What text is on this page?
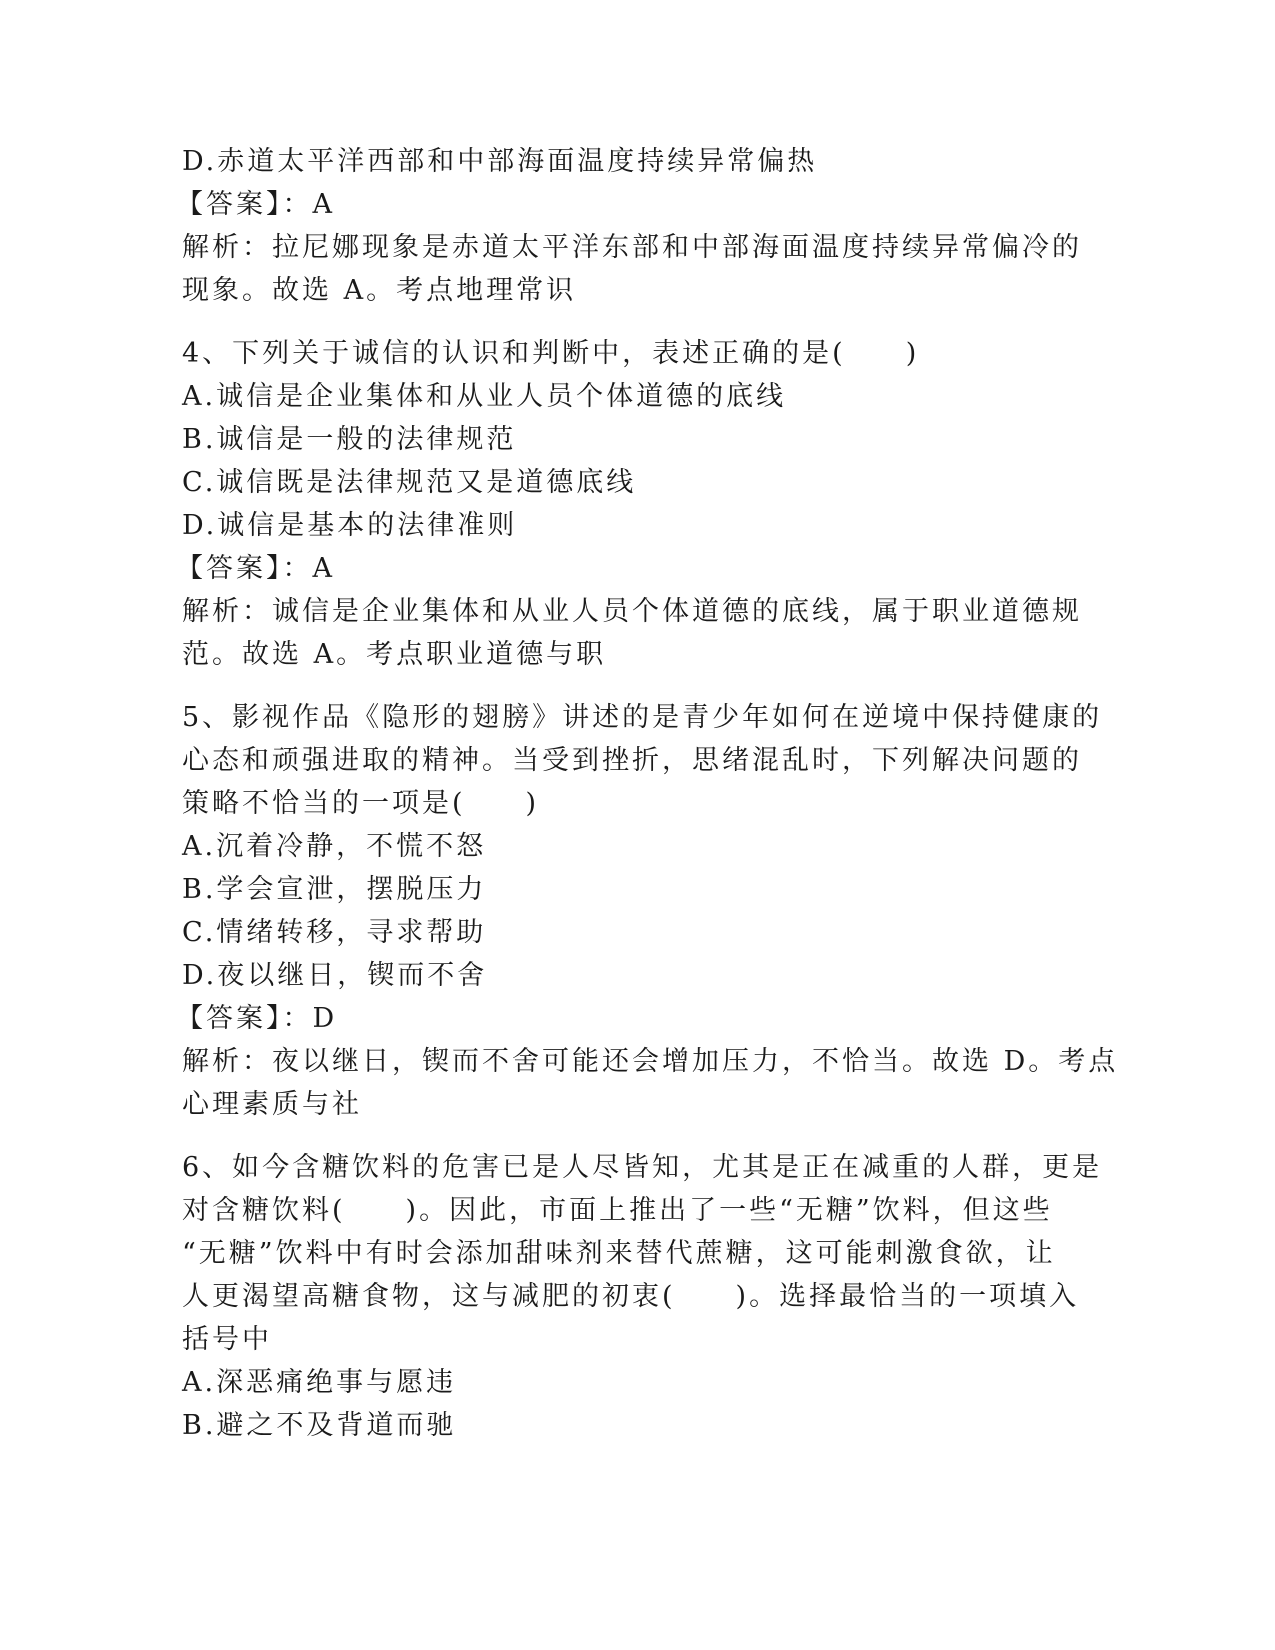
D.赤道太平洋西部和中部海面温度持续异常偏热
【答案】：A
解析：拉尼娜现象是赤道太平洋东部和中部海面温度持续异常偏冷的
现象。故选 A。考点地理常识
4、下列关于诚信的认识和判断中，表述正确的是(　　)
A.诚信是企业集体和从业人员个体道德的底线
B.诚信是一般的法律规范
C.诚信既是法律规范又是道德底线
D.诚信是基本的法律准则
【答案】：A
解析：诚信是企业集体和从业人员个体道德的底线，属于职业道德规
范。故选 A。考点职业道德与职
5、影视作品《隐形的翅膀》讲述的是青少年如何在逆境中保持健康的
心态和顽强进取的精神。当受到挫折，思绪混乱时，下列解决问题的
策略不恰当的一项是(　　)
A.沉着冷静，不慌不怒
B.学会宣泄，摆脱压力
C.情绪转移，寻求帮助
D.夜以继日，锲而不舍
【答案】：D
解析：夜以继日，锲而不舍可能还会增加压力，不恰当。故选 D。考点
心理素质与社
6、如今含糖饮料的危害已是人尽皆知，尤其是正在减重的人群，更是
对含糖饮料(　　)。因此，市面上推出了一些“无糖”饮料，但这些
“无糖”饮料中有时会添加甜味剂来替代蔗糖，这可能刺激食欲，让
人更渴望高糖食物，这与减肥的初衷(　　)。选择最恰当的一项填入
括号中
A.深恶痛绝事与愿违
B.避之不及背道而驰
